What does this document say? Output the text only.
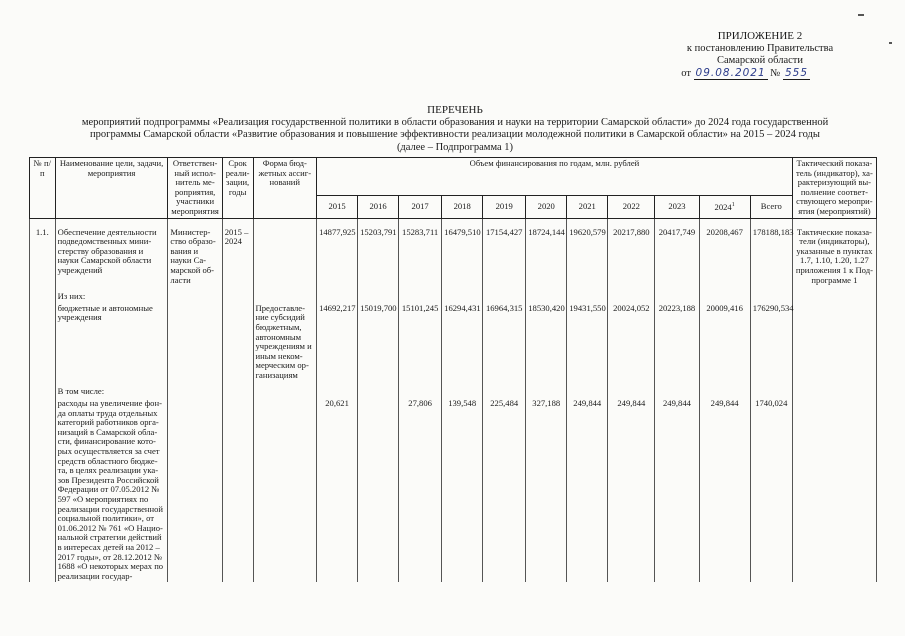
ПРИЛОЖЕНИЕ 2
к постановлению Правительства
Самарской области
от 09.08.2021 № 555
ПЕРЕЧЕНЬ
мероприятий подпрограммы «Реализация государственной политики в области образования и науки на территории Самарской области» до 2024 года государственной
программы Самарской области «Развитие образования и повышение эффективности реализации молодежной политики в Самарской области» на 2015 – 2024 годы
(далее – Подпрограмма 1)
№ п/п	Наименование цели, задачи, мероприятия	Ответствен-ный испол-нитель ме-роприятия, участники мероприятия	Срок реали-зации, годы	Форма бюд-жетных ассиг-нований	Объем финансирования по годам, млн. рублей											Тактический показа-тель (индикатор), ха-рактеризующий вы-полнение соответ-ствующего меропри-ятия (мероприятий)
					2015	2016	2017	2018	2019	2020	2021	2022	2023	2024$^1$	Всего	

1.1.	Обеспечение деятельности подведомственных мини-стерству образования и науки Самарской области учреждений	Министер-ство образо-вания и науки Са-марской об-ласти	2015 – 2024		14877,925	15203,791	15283,711	16479,510	17154,427	18724,144	19620,579	20217,880	20417,749	20208,467	178188,183	Тактические показа-тели (индикаторы), указанные в пунктах 1.7, 1.10, 1.20, 1.27 приложения 1 к Под-программе 1
	Из них:															
	бюджетные и автономные учреждения			Предоставле-ние субсидий бюджетным, автономным учреждениям и иным неком-мерческим ор-ганизациям	14692,217	15019,700	15101,245	16294,431	16964,315	18530,420	19431,550	20024,052	20223,188	20009,416	176290,534	
	В том числе:															
	расходы на увеличение фон-да оплаты труда отдельных категорий работников орга-низаций в Самарской обла-сти, финансирование кото-рых осуществляется за счет средств областного бюдже-та, в целях реализации ука-зов Президента Российской Федерации от 07.05.2012 № 597 «О мероприятиях по реализации государственной социальной политики», от 01.06.2012 № 761 «О Нацио-нальной стратегии действий в интересах детей на 2012 – 2017 годы», от 28.12.2012 № 1688 «О некоторых мерах по реализации государ-				20,621		27,806	139,548	225,484	327,188	249,844	249,844	249,844	249,844	1740,024	
